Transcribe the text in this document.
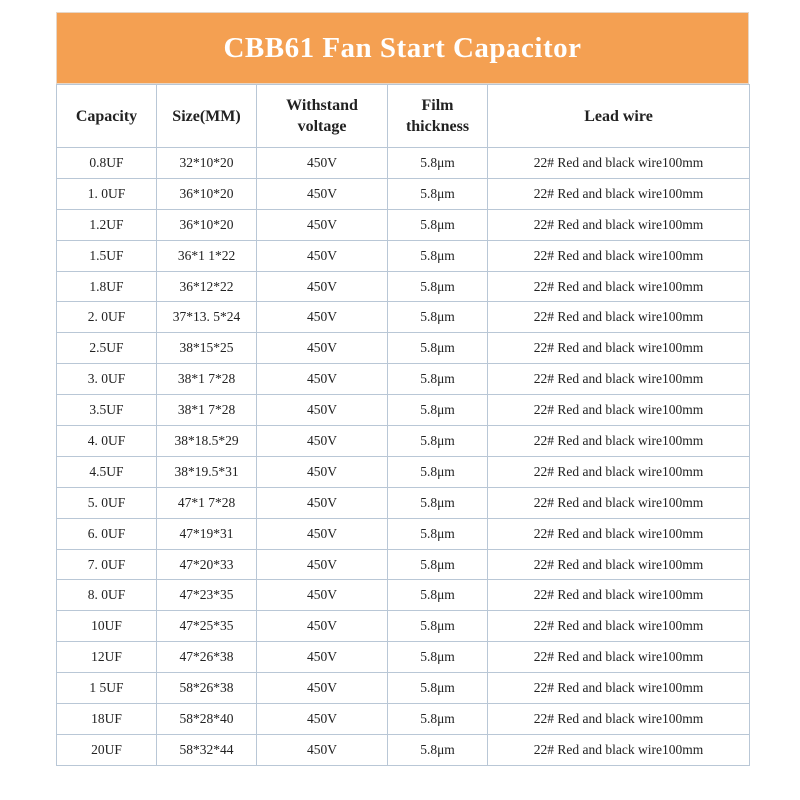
CBB61 Fan Start Capacitor
Capacity	Size(MM)	Withstand voltage	Film thickness	Lead wire
0.8UF	32*10*20	450V	5.8μm	22# Red and black wire100mm
1. 0UF	36*10*20	450V	5.8μm	22# Red and black wire100mm
1.2UF	36*10*20	450V	5.8μm	22# Red and black wire100mm
1.5UF	36*1 1*22	450V	5.8μm	22# Red and black wire100mm
1.8UF	36*12*22	450V	5.8μm	22# Red and black wire100mm
2. 0UF	37*13. 5*24	450V	5.8μm	22# Red and black wire100mm
2.5UF	38*15*25	450V	5.8μm	22# Red and black wire100mm
3. 0UF	38*1 7*28	450V	5.8μm	22# Red and black wire100mm
3.5UF	38*1 7*28	450V	5.8μm	22# Red and black wire100mm
4. 0UF	38*18.5*29	450V	5.8μm	22# Red and black wire100mm
4.5UF	38*19.5*31	450V	5.8μm	22# Red and black wire100mm
5. 0UF	47*1 7*28	450V	5.8μm	22# Red and black wire100mm
6. 0UF	47*19*31	450V	5.8μm	22# Red and black wire100mm
7. 0UF	47*20*33	450V	5.8μm	22# Red and black wire100mm
8. 0UF	47*23*35	450V	5.8μm	22# Red and black wire100mm
10UF	47*25*35	450V	5.8μm	22# Red and black wire100mm
12UF	47*26*38	450V	5.8μm	22# Red and black wire100mm
1 5UF	58*26*38	450V	5.8μm	22# Red and black wire100mm
18UF	58*28*40	450V	5.8μm	22# Red and black wire100mm
20UF	58*32*44	450V	5.8μm	22# Red and black wire100mm
